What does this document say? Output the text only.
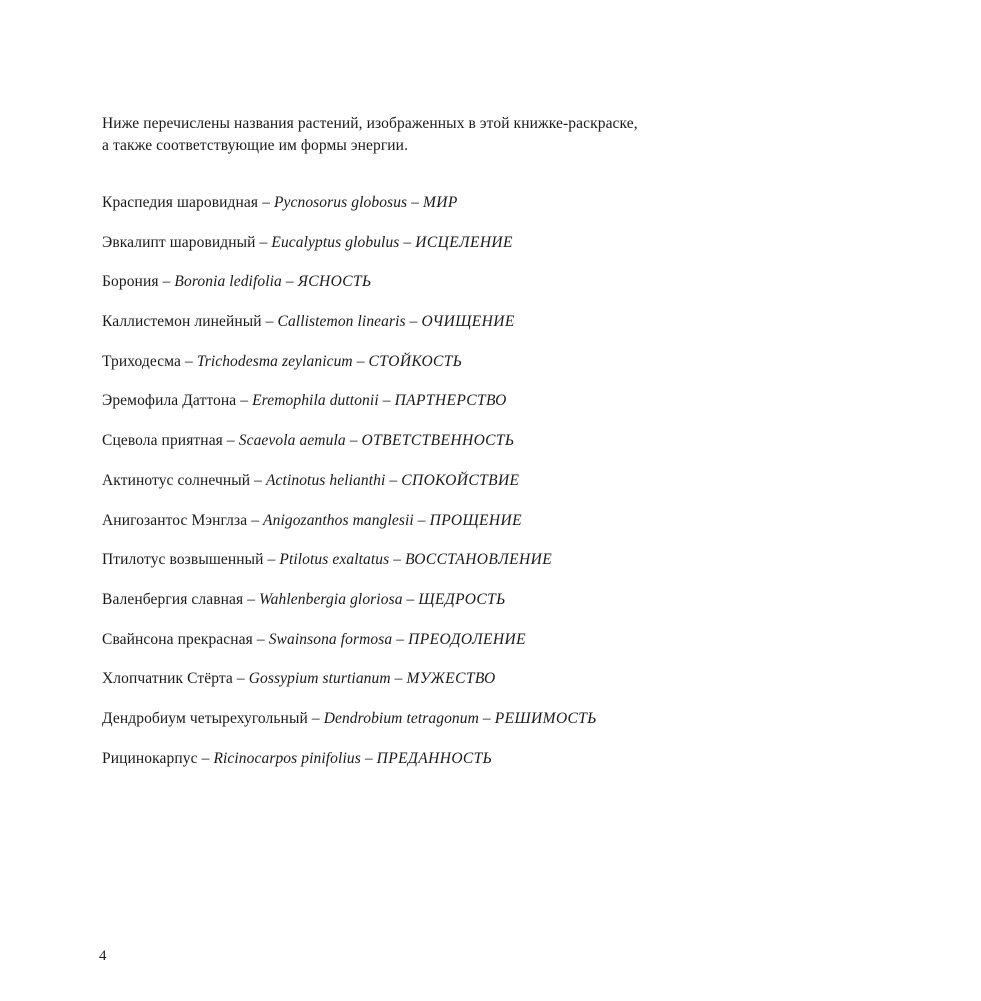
Ниже перечислены названия растений, изображенных в этой книжке-раскраске,

а также соответствующие им формы энергии.

Краспедия шаровидная – Pycnosorus globosus – МИР
Эвкалипт шаровидный – Eucalyptus globulus – ИСЦЕЛЕНИЕ
Борония – Boronia ledifolia – ЯСНОСТЬ
Каллистемон линейный – Callistemon linearis – ОЧИЩЕНИЕ
Триходесма – Trichodesma zeylanicum – СТОЙКОСТЬ
Эремофила Даттона – Eremophila duttonii – ПАРТНЕРСТВО
Сцевола приятная – Scaevola aemula – ОТВЕТСТВЕННОСТЬ
Актинотус солнечный – Actinotus helianthi – СПОКОЙСТВИЕ
Анигозантос Мэнглза – Anigozanthos manglesii – ПРОЩЕНИЕ
Птилотус возвышенный – Ptilotus exaltatus – ВОССТАНОВЛЕНИЕ
Валенбергия славная – Wahlenbergia gloriosa – ЩЕДРОСТЬ
Свайнсона прекрасная – Swainsona formosa – ПРЕОДОЛЕНИЕ
Хлопчатник Стёрта – Gossypium sturtianum – МУЖЕСТВО
Дендробиум четырехугольный – Dendrobium tetragonum – РЕШИМОСТЬ
Рицинокарпус – Ricinocarpos pinifolius – ПРЕДАННОСТЬ
4
